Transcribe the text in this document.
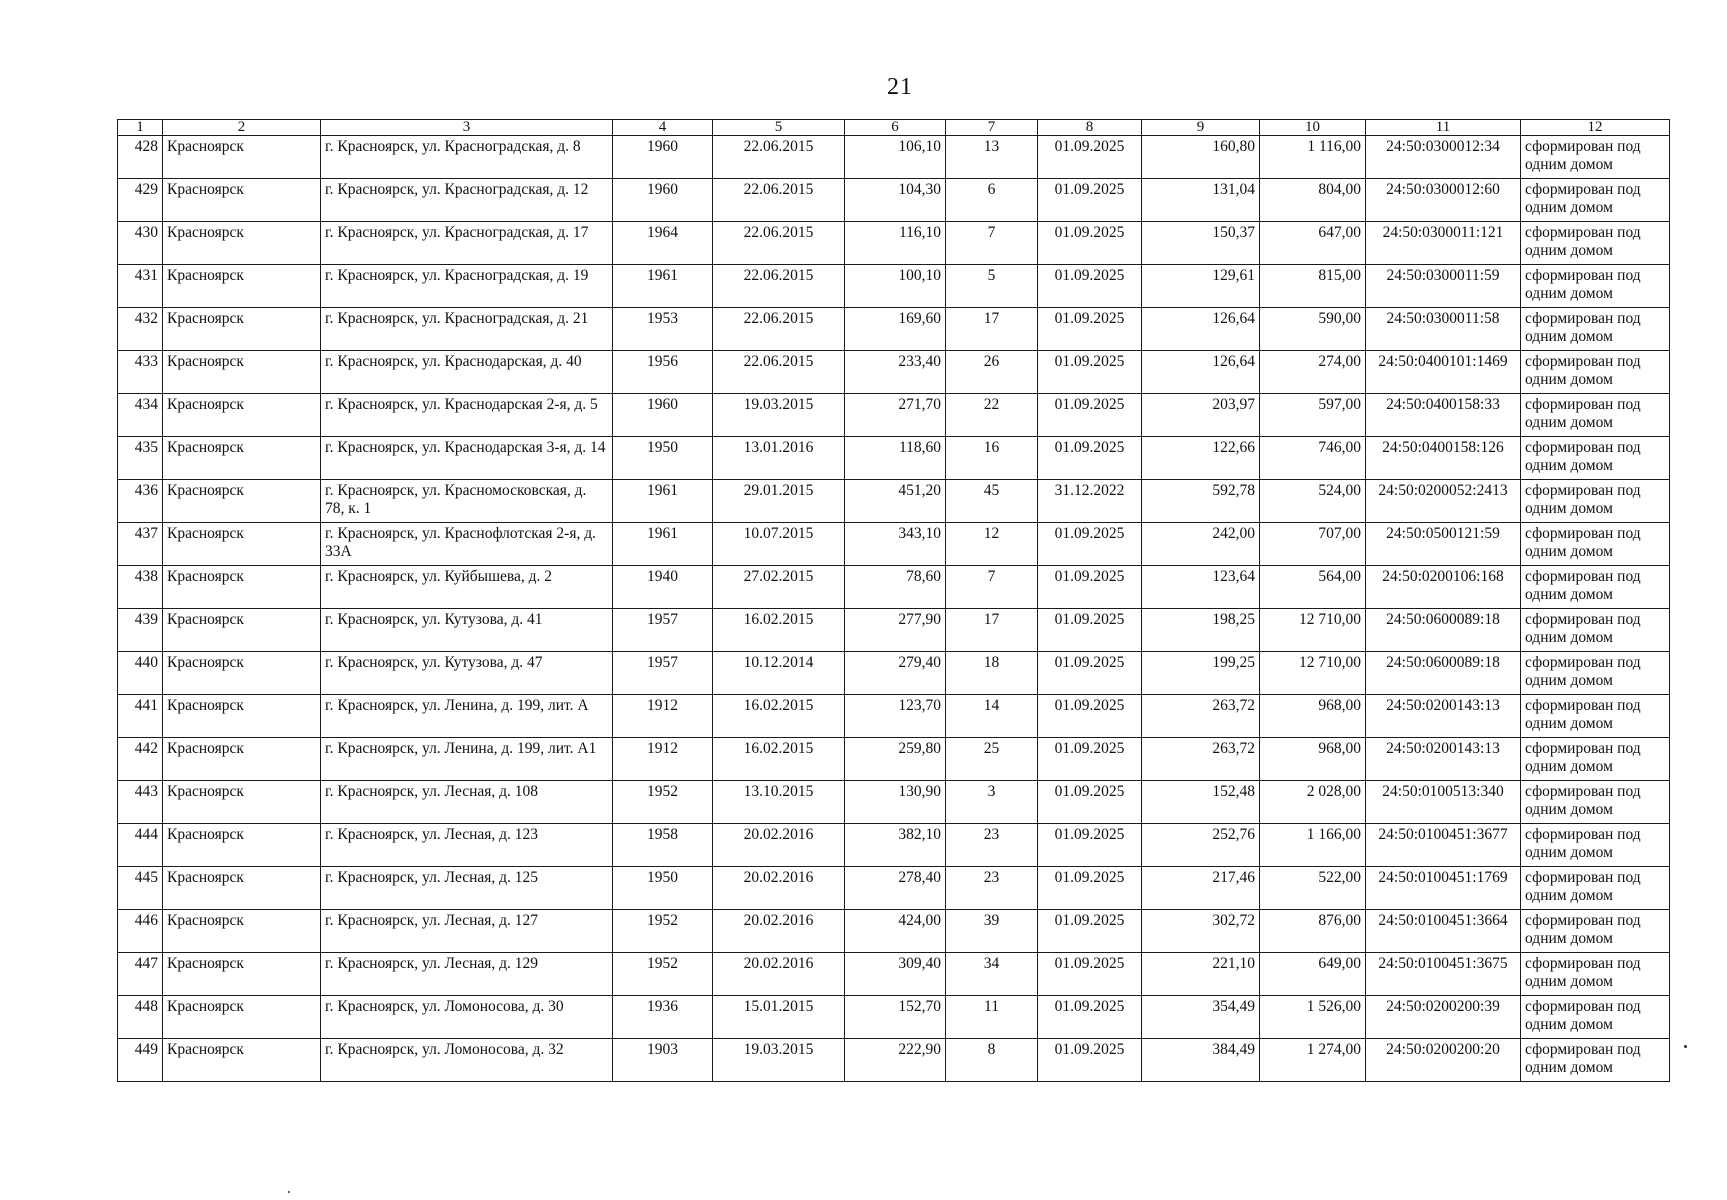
21
1	2	3	4	5	6	7	8	9	10	11	12
428	Красноярск	г. Красноярск, ул. Красноградская, д. 8	1960	22.06.2015	106,10	13	01.09.2025	160,80	1 116,00	24:50:0300012:34	сформирован под одним домом
429	Красноярск	г. Красноярск, ул. Красноградская, д. 12	1960	22.06.2015	104,30	6	01.09.2025	131,04	804,00	24:50:0300012:60	сформирован под одним домом
430	Красноярск	г. Красноярск, ул. Красноградская, д. 17	1964	22.06.2015	116,10	7	01.09.2025	150,37	647,00	24:50:0300011:121	сформирован под одним домом
431	Красноярск	г. Красноярск, ул. Красноградская, д. 19	1961	22.06.2015	100,10	5	01.09.2025	129,61	815,00	24:50:0300011:59	сформирован под одним домом
432	Красноярск	г. Красноярск, ул. Красноградская, д. 21	1953	22.06.2015	169,60	17	01.09.2025	126,64	590,00	24:50:0300011:58	сформирован под одним домом
433	Красноярск	г. Красноярск, ул. Краснодарская, д. 40	1956	22.06.2015	233,40	26	01.09.2025	126,64	274,00	24:50:0400101:1469	сформирован под одним домом
434	Красноярск	г. Красноярск, ул. Краснодарская 2-я, д. 5	1960	19.03.2015	271,70	22	01.09.2025	203,97	597,00	24:50:0400158:33	сформирован под одним домом
435	Красноярск	г. Красноярск, ул. Краснодарская 3-я, д. 14	1950	13.01.2016	118,60	16	01.09.2025	122,66	746,00	24:50:0400158:126	сформирован под одним домом
436	Красноярск	г. Красноярск, ул. Красномосковская, д. 78, к. 1	1961	29.01.2015	451,20	45	31.12.2022	592,78	524,00	24:50:0200052:2413	сформирован под одним домом
437	Красноярск	г. Красноярск, ул. Краснофлотская 2-я, д. 33А	1961	10.07.2015	343,10	12	01.09.2025	242,00	707,00	24:50:0500121:59	сформирован под одним домом
438	Красноярск	г. Красноярск, ул. Куйбышева, д. 2	1940	27.02.2015	78,60	7	01.09.2025	123,64	564,00	24:50:0200106:168	сформирован под одним домом
439	Красноярск	г. Красноярск, ул. Кутузова, д. 41	1957	16.02.2015	277,90	17	01.09.2025	198,25	12 710,00	24:50:0600089:18	сформирован под одним домом
440	Красноярск	г. Красноярск, ул. Кутузова, д. 47	1957	10.12.2014	279,40	18	01.09.2025	199,25	12 710,00	24:50:0600089:18	сформирован под одним домом
441	Красноярск	г. Красноярск, ул. Ленина, д. 199, лит. А	1912	16.02.2015	123,70	14	01.09.2025	263,72	968,00	24:50:0200143:13	сформирован под одним домом
442	Красноярск	г. Красноярск, ул. Ленина, д. 199, лит. А1	1912	16.02.2015	259,80	25	01.09.2025	263,72	968,00	24:50:0200143:13	сформирован под одним домом
443	Красноярск	г. Красноярск, ул. Лесная, д. 108	1952	13.10.2015	130,90	3	01.09.2025	152,48	2 028,00	24:50:0100513:340	сформирован под одним домом
444	Красноярск	г. Красноярск, ул. Лесная, д. 123	1958	20.02.2016	382,10	23	01.09.2025	252,76	1 166,00	24:50:0100451:3677	сформирован под одним домом
445	Красноярск	г. Красноярск, ул. Лесная, д. 125	1950	20.02.2016	278,40	23	01.09.2025	217,46	522,00	24:50:0100451:1769	сформирован под одним домом
446	Красноярск	г. Красноярск, ул. Лесная, д. 127	1952	20.02.2016	424,00	39	01.09.2025	302,72	876,00	24:50:0100451:3664	сформирован под одним домом
447	Красноярск	г. Красноярск, ул. Лесная, д. 129	1952	20.02.2016	309,40	34	01.09.2025	221,10	649,00	24:50:0100451:3675	сформирован под одним домом
448	Красноярск	г. Красноярск, ул. Ломоносова, д. 30	1936	15.01.2015	152,70	11	01.09.2025	354,49	1 526,00	24:50:0200200:39	сформирован под одним домом
449	Красноярск	г. Красноярск, ул. Ломоносова, д. 32	1903	19.03.2015	222,90	8	01.09.2025	384,49	1 274,00	24:50:0200200:20	сформирован под одним домом
